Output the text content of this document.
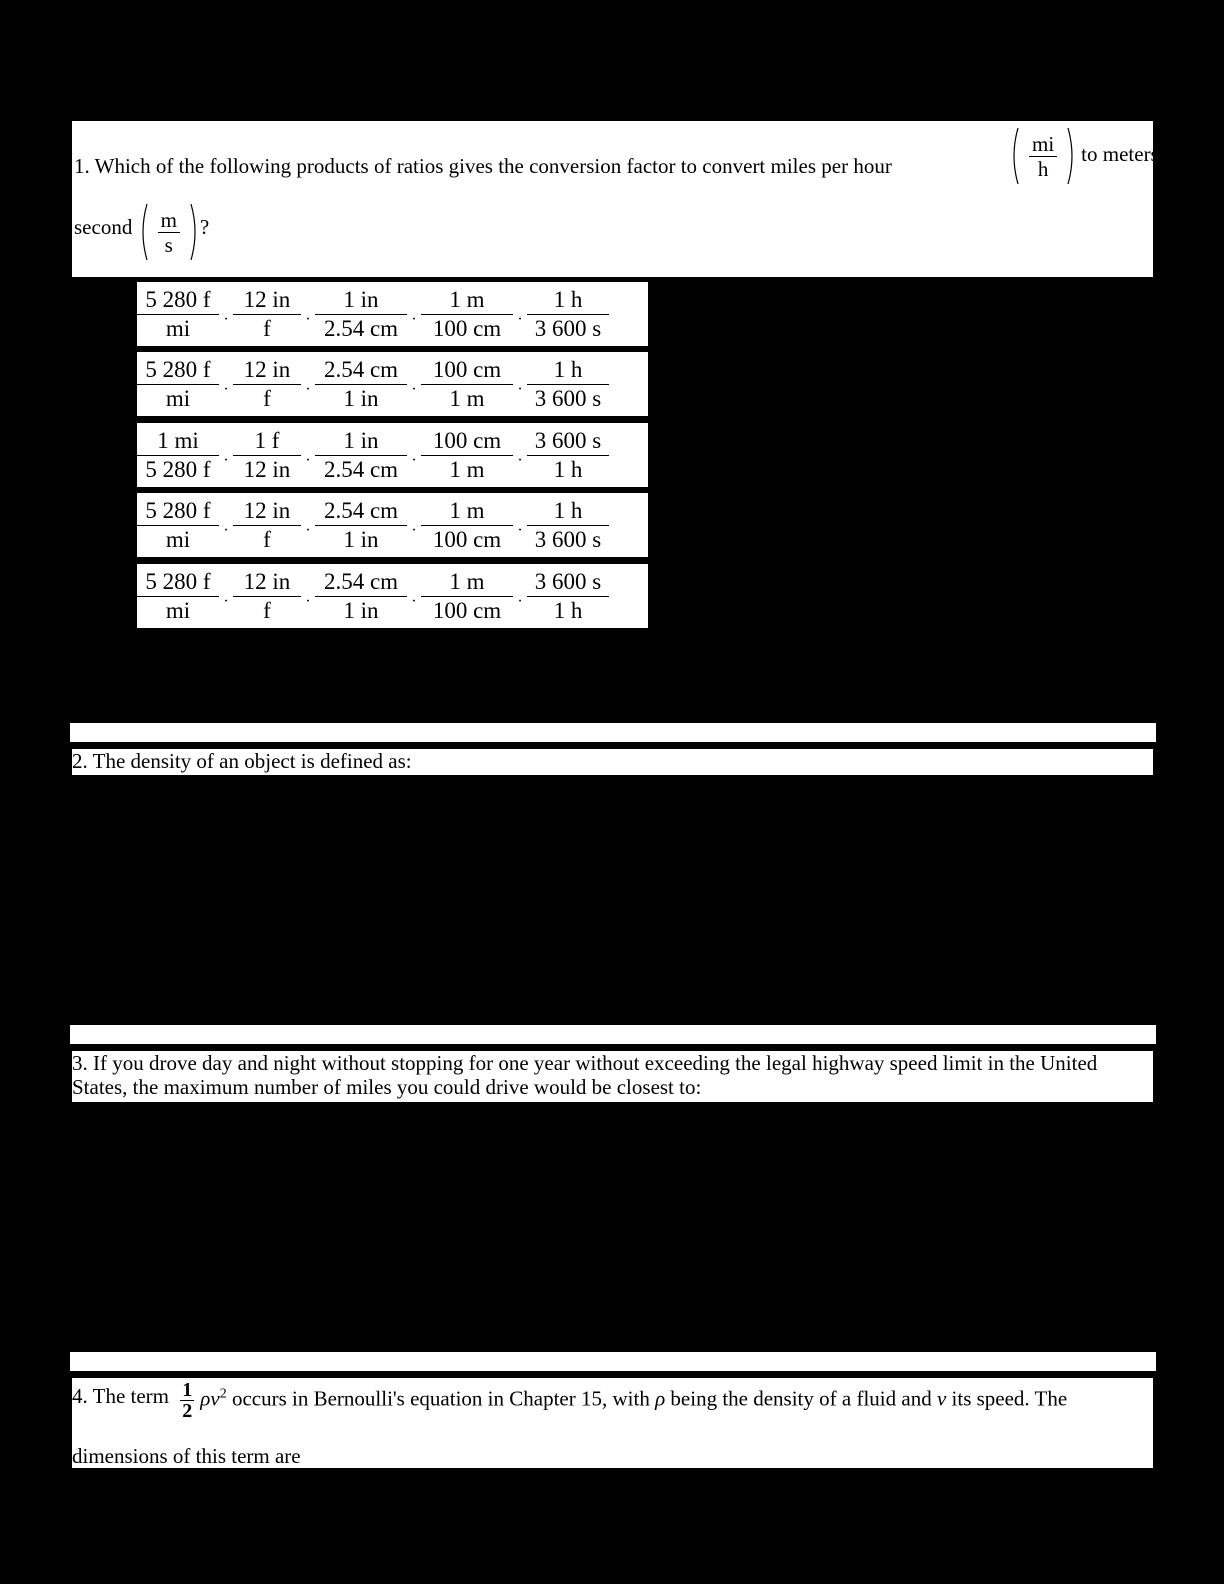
1. Which of the following products of ratios gives the conversion factor to convert miles per hour	$\frac{mi}{h}$ to meters per
second $\frac{m}{s}$ ?
$\frac{5 280 f}{mi} \cdot \frac{12 in}{f} \cdot \frac{1 in}{2.54 cm} \cdot \frac{1 m}{100 cm} \cdot \frac{1 h}{3 600 s}$
$\frac{5 280 f}{mi} \cdot \frac{12 in}{f} \cdot \frac{2.54 cm}{1 in} \cdot \frac{100 cm}{1 m} \cdot \frac{1 h}{3 600 s}$
$\frac{1 mi}{5 280 f} \cdot \frac{1 f}{12 in} \cdot \frac{1 in}{2.54 cm} \cdot \frac{100 cm}{1 m} \cdot \frac{3 600 s}{1 h}$
$\frac{5 280 f}{mi} \cdot \frac{12 in}{f} \cdot \frac{2.54 cm}{1 in} \cdot \frac{1 m}{100 cm} \cdot \frac{1 h}{3 600 s}$
$\frac{5 280 f}{mi} \cdot \frac{12 in}{f} \cdot \frac{2.54 cm}{1 in} \cdot \frac{1 m}{100 cm} \cdot \frac{3 600 s}{1 h}$
2. The density of an object is defined as:
3. If you drove day and night without stopping for one year without exceeding the legal highway speed limit in the United
States, the maximum number of miles you could drive would be closest to:
4. The term $\frac{1}{2} \rho v^2$ occurs in Bernoulli's equation in Chapter 15, with ρ being the density of a fluid and v its speed. The
dimensions of this term are
